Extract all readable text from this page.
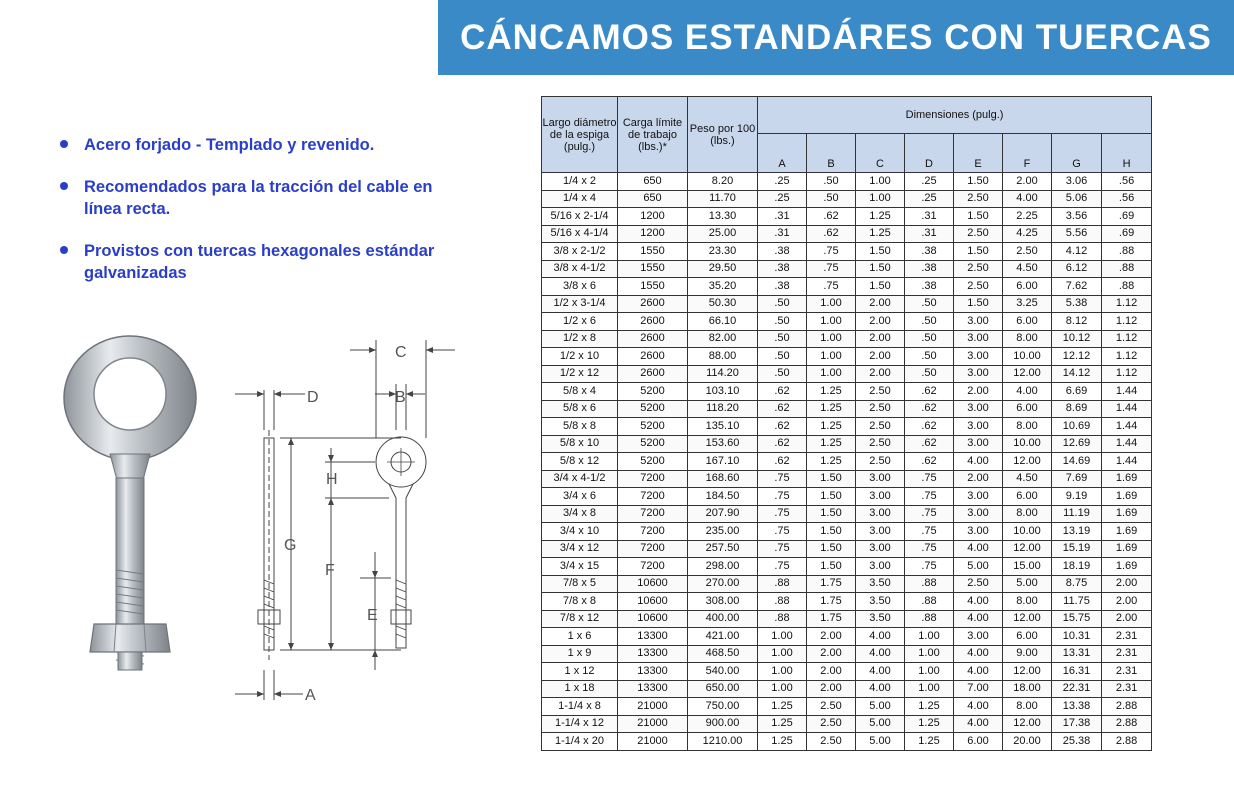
CÁNCAMOS ESTANDÁRES CON TUERCAS
Acero forjado - Templado y revenido.
Recomendados para la tracción del cable en línea recta.
Provistos con tuercas hexagonales estándar galvanizadas
D
C
B
H
G
F
E
A
Largo diámetro de la espiga (pulg.)	Carga límite de trabajo (lbs.)*	Peso por 100 (lbs.)	Dimensiones (pulg.)							
			A	B	C	D	E	F	G	H
1/4 x 2	650	8.20	.25	.50	1.00	.25	1.50	2.00	3.06	.56
1/4 x 4	650	11.70	.25	.50	1.00	.25	2.50	4.00	5.06	.56
5/16 x 2-1/4	1200	13.30	.31	.62	1.25	.31	1.50	2.25	3.56	.69
5/16 x 4-1/4	1200	25.00	.31	.62	1.25	.31	2.50	4.25	5.56	.69
3/8 x 2-1/2	1550	23.30	.38	.75	1.50	.38	1.50	2.50	4.12	.88
3/8 x 4-1/2	1550	29.50	.38	.75	1.50	.38	2.50	4.50	6.12	.88
3/8 x 6	1550	35.20	.38	.75	1.50	.38	2.50	6.00	7.62	.88
1/2 x 3-1/4	2600	50.30	.50	1.00	2.00	.50	1.50	3.25	5.38	1.12
1/2 x 6	2600	66.10	.50	1.00	2.00	.50	3.00	6.00	8.12	1.12
1/2 x 8	2600	82.00	.50	1.00	2.00	.50	3.00	8.00	10.12	1.12
1/2 x 10	2600	88.00	.50	1.00	2.00	.50	3.00	10.00	12.12	1.12
1/2 x 12	2600	114.20	.50	1.00	2.00	.50	3.00	12.00	14.12	1.12
5/8 x 4	5200	103.10	.62	1.25	2.50	.62	2.00	4.00	6.69	1.44
5/8 x 6	5200	118.20	.62	1.25	2.50	.62	3.00	6.00	8.69	1.44
5/8 x 8	5200	135.10	.62	1.25	2.50	.62	3.00	8.00	10.69	1.44
5/8 x 10	5200	153.60	.62	1.25	2.50	.62	3.00	10.00	12.69	1.44
5/8 x 12	5200	167.10	.62	1.25	2.50	.62	4.00	12.00	14.69	1.44
3/4 x 4-1/2	7200	168.60	.75	1.50	3.00	.75	2.00	4.50	7.69	1.69
3/4 x 6	7200	184.50	.75	1.50	3.00	.75	3.00	6.00	9.19	1.69
3/4 x 8	7200	207.90	.75	1.50	3.00	.75	3.00	8.00	11.19	1.69
3/4 x 10	7200	235.00	.75	1.50	3.00	.75	3.00	10.00	13.19	1.69
3/4 x 12	7200	257.50	.75	1.50	3.00	.75	4.00	12.00	15.19	1.69
3/4 x 15	7200	298.00	.75	1.50	3.00	.75	5.00	15.00	18.19	1.69
7/8 x 5	10600	270.00	.88	1.75	3.50	.88	2.50	5.00	8.75	2.00
7/8 x 8	10600	308.00	.88	1.75	3.50	.88	4.00	8.00	11.75	2.00
7/8 x 12	10600	400.00	.88	1.75	3.50	.88	4.00	12.00	15.75	2.00
1 x 6	13300	421.00	1.00	2.00	4.00	1.00	3.00	6.00	10.31	2.31
1 x 9	13300	468.50	1.00	2.00	4.00	1.00	4.00	9.00	13.31	2.31
1 x 12	13300	540.00	1.00	2.00	4.00	1.00	4.00	12.00	16.31	2.31
1 x 18	13300	650.00	1.00	2.00	4.00	1.00	7.00	18.00	22.31	2.31
1-1/4 x 8	21000	750.00	1.25	2.50	5.00	1.25	4.00	8.00	13.38	2.88
1-1/4 x 12	21000	900.00	1.25	2.50	5.00	1.25	4.00	12.00	17.38	2.88
1-1/4 x 20	21000	1210.00	1.25	2.50	5.00	1.25	6.00	20.00	25.38	2.88
